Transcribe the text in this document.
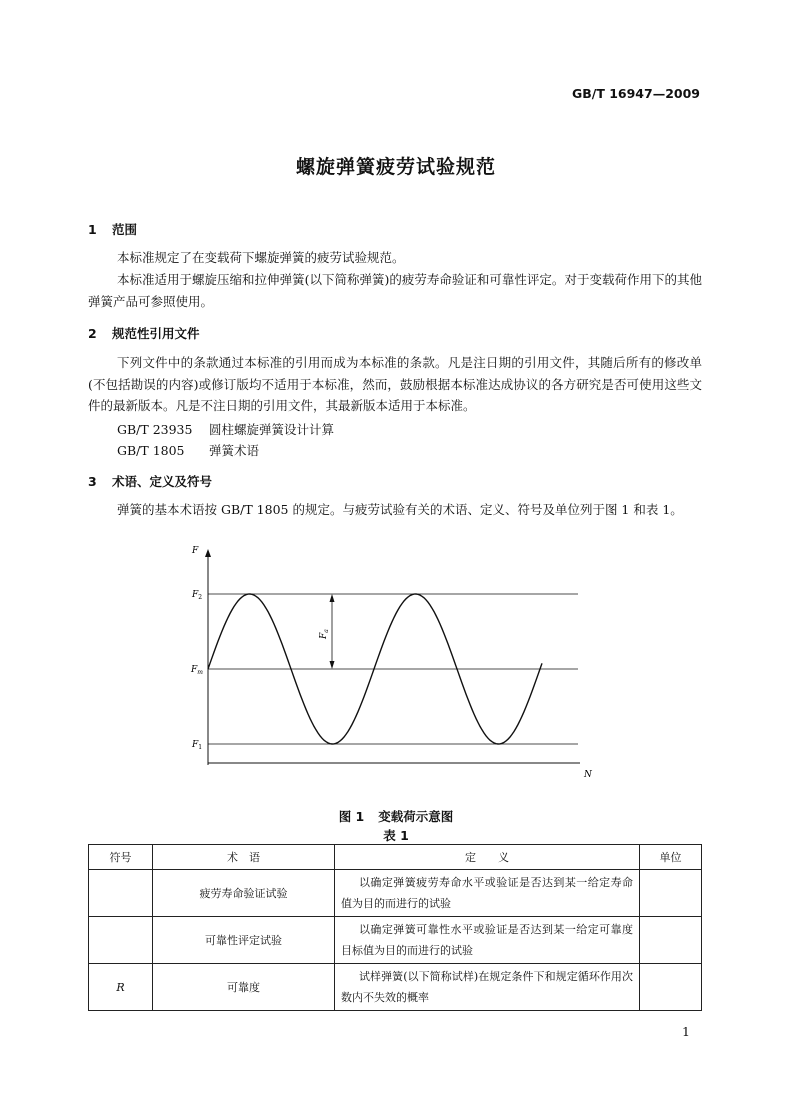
GB/T 16947—2009
螺旋弹簧疲劳试验规范
1 范围
本标准规定了在变载荷下螺旋弹簧的疲劳试验规范。
本标准适用于螺旋压缩和拉伸弹簧(以下简称弹簧)的疲劳寿命验证和可靠性评定。对于变载荷作用下的其他弹簧产品可参照使用。
2 规范性引用文件
下列文件中的条款通过本标准的引用而成为本标准的条款。凡是注日期的引用文件，其随后所有的修改单(不包括勘误的内容)或修订版均不适用于本标准，然而，鼓励根据本标准达成协议的各方研究是否可使用这些文件的最新版本。凡是不注日期的引用文件，其最新版本适用于本标准。
GB/T 23935 圆柱螺旋弹簧设计计算
GB/T 1805 弹簧术语
3 术语、定义及符号
弹簧的基本术语按 GB/T 1805 的规定。与疲劳试验有关的术语、定义、符号及单位列于图 1 和表 1。
F
N
$F_2$
$F_m$
$F_1$
$F_a$
图 1 变载荷示意图
表 1
符号	术　语	定　　义	单位
	疲劳寿命验证试验	以确定弹簧疲劳寿命水平或验证是否达到某一给定寿命值为目的而进行的试验	
	可靠性评定试验	以确定弹簧可靠性水平或验证是否达到某一给定可靠度目标值为目的而进行的试验	
R	可靠度	试样弹簧(以下简称试样)在规定条件下和规定循环作用次数内不失效的概率	
1
